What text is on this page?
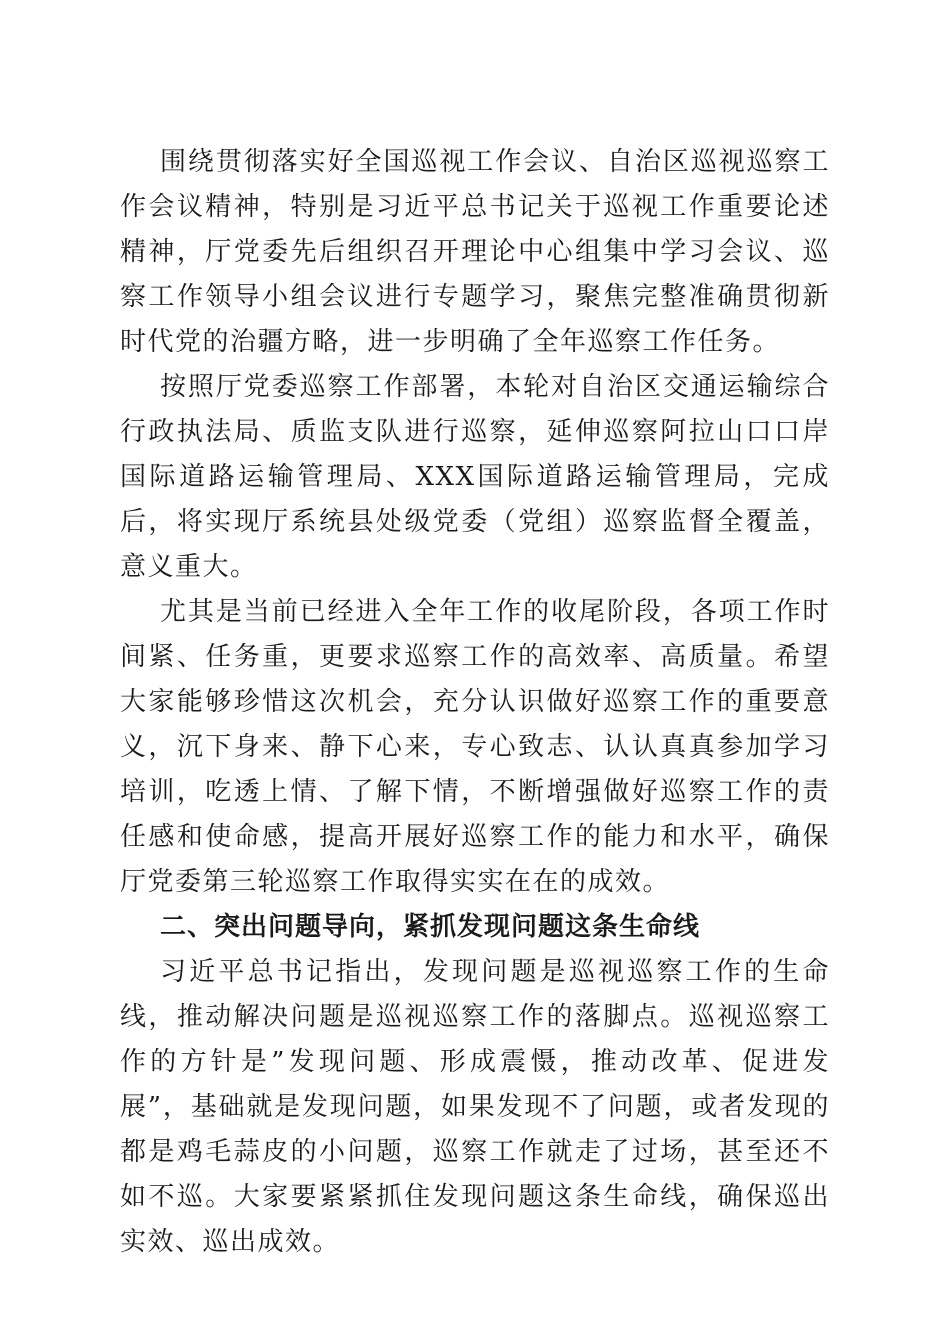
围绕贯彻落实好全国巡视工作会议、自治区巡视巡察工作会议精神，特别是习近平总书记关于巡视工作重要论述精神，厅党委先后组织召开理论中心组集中学习会议、巡察工作领导小组会议进行专题学习，聚焦完整准确贯彻新时代党的治疆方略，进一步明确了全年巡察工作任务。

按照厅党委巡察工作部署，本轮对自治区交通运输综合行政执法局、质监支队进行巡察，延伸巡察阿拉山口口岸国际道路运输管理局、XXX国际道路运输管理局，完成后，将实现厅系统县处级党委（党组）巡察监督全覆盖，意义重大。

尤其是当前已经进入全年工作的收尾阶段，各项工作时间紧、任务重，更要求巡察工作的高效率、高质量。希望大家能够珍惜这次机会，充分认识做好巡察工作的重要意义，沉下身来、静下心来，专心致志、认认真真参加学习培训，吃透上情、了解下情，不断增强做好巡察工作的责任感和使命感，提高开展好巡察工作的能力和水平，确保厅党委第三轮巡察工作取得实实在在的成效。

二、突出问题导向，紧抓发现问题这条生命线

习近平总书记指出，发现问题是巡视巡察工作的生命线，推动解决问题是巡视巡察工作的落脚点。巡视巡察工作的方针是”发现问题、形成震慑，推动改革、促进发展”，基础就是发现问题，如果发现不了问题，或者发现的都是鸡毛蒜皮的小问题，巡察工作就走了过场，甚至还不如不巡。大家要紧紧抓住发现问题这条生命线，确保巡出实效、巡出成效。
